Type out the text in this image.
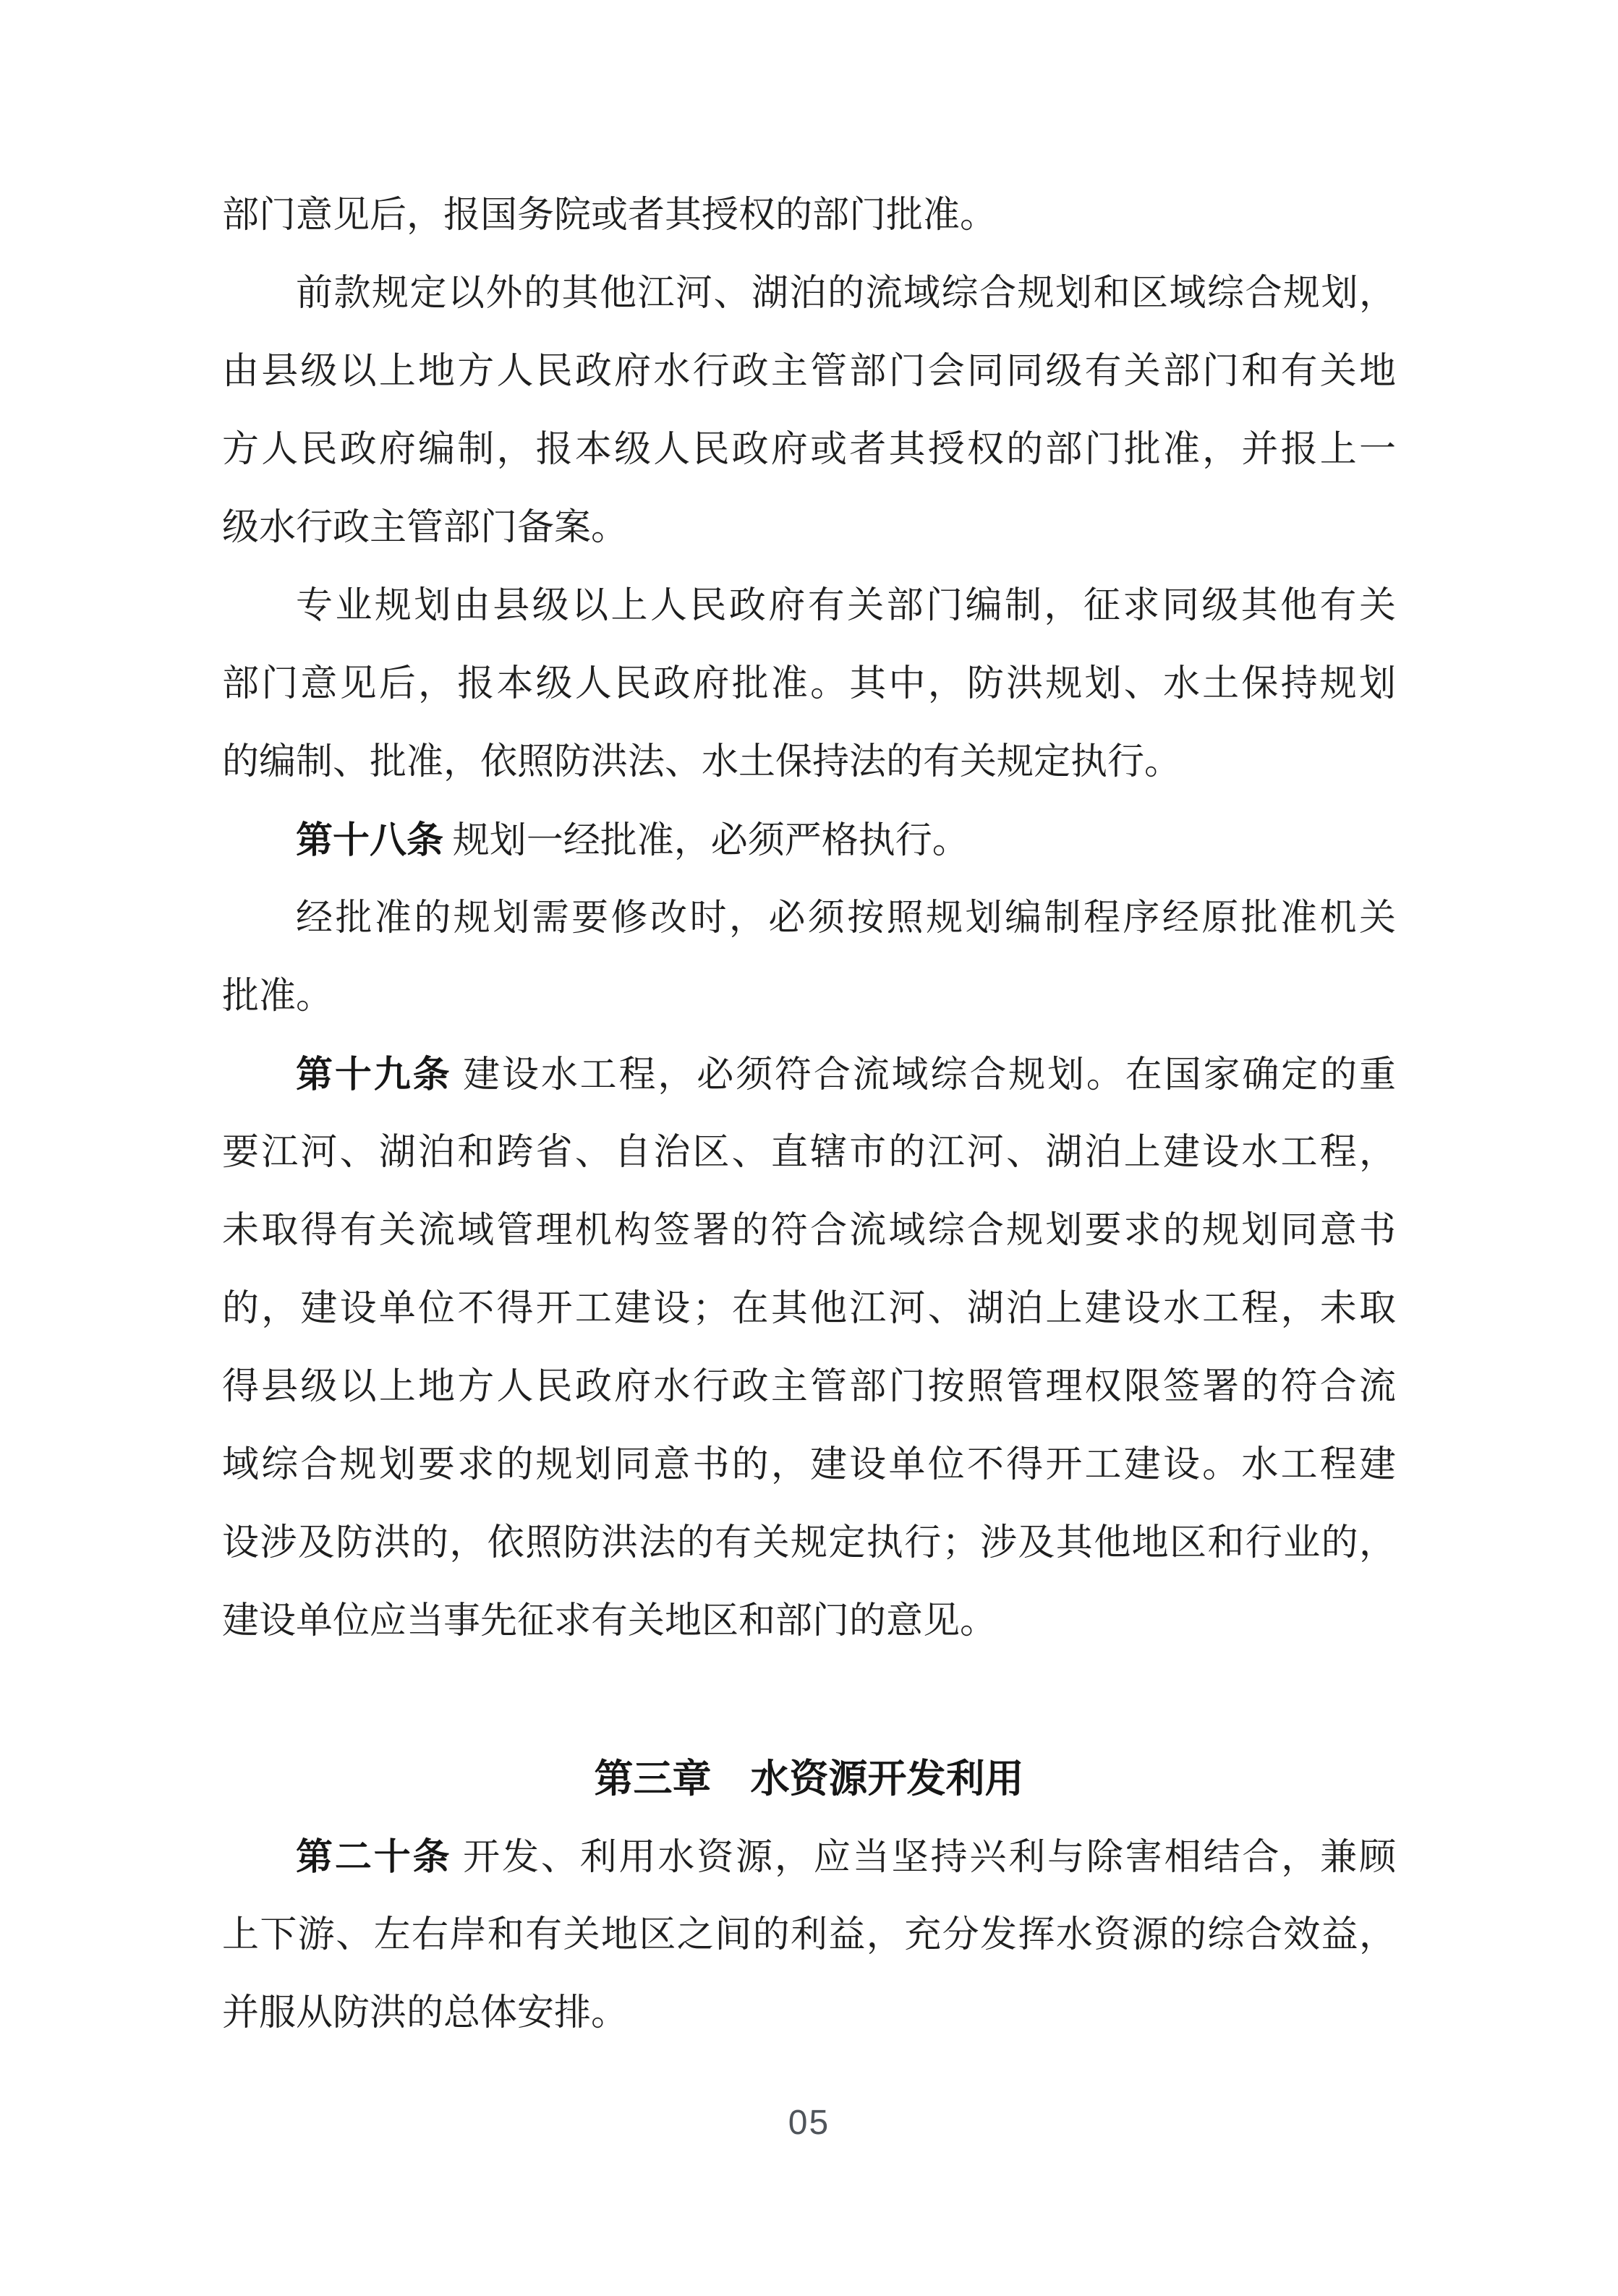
部门意见后，报国务院或者其授权的部门批准。
前款规定以外的其他江河、湖泊的流域综合规划和区域综合规划，
由县级以上地方人民政府水行政主管部门会同同级有关部门和有关地
方人民政府编制，报本级人民政府或者其授权的部门批准，并报上一
级水行政主管部门备案。
专业规划由县级以上人民政府有关部门编制，征求同级其他有关
部门意见后，报本级人民政府批准。其中，防洪规划、水土保持规划
的编制、批准，依照防洪法、水土保持法的有关规定执行。
第十八条 规划一经批准，必须严格执行。
经批准的规划需要修改时，必须按照规划编制程序经原批准机关
批准。
第十九条 建设水工程，必须符合流域综合规划。在国家确定的重
要江河、湖泊和跨省、自治区、直辖市的江河、湖泊上建设水工程，
未取得有关流域管理机构签署的符合流域综合规划要求的规划同意书
的，建设单位不得开工建设；在其他江河、湖泊上建设水工程，未取
得县级以上地方人民政府水行政主管部门按照管理权限签署的符合流
域综合规划要求的规划同意书的，建设单位不得开工建设。水工程建
设涉及防洪的，依照防洪法的有关规定执行；涉及其他地区和行业的，
建设单位应当事先征求有关地区和部门的意见。
第三章　水资源开发利用
第二十条 开发、利用水资源，应当坚持兴利与除害相结合，兼顾
上下游、左右岸和有关地区之间的利益，充分发挥水资源的综合效益，
并服从防洪的总体安排。
05
